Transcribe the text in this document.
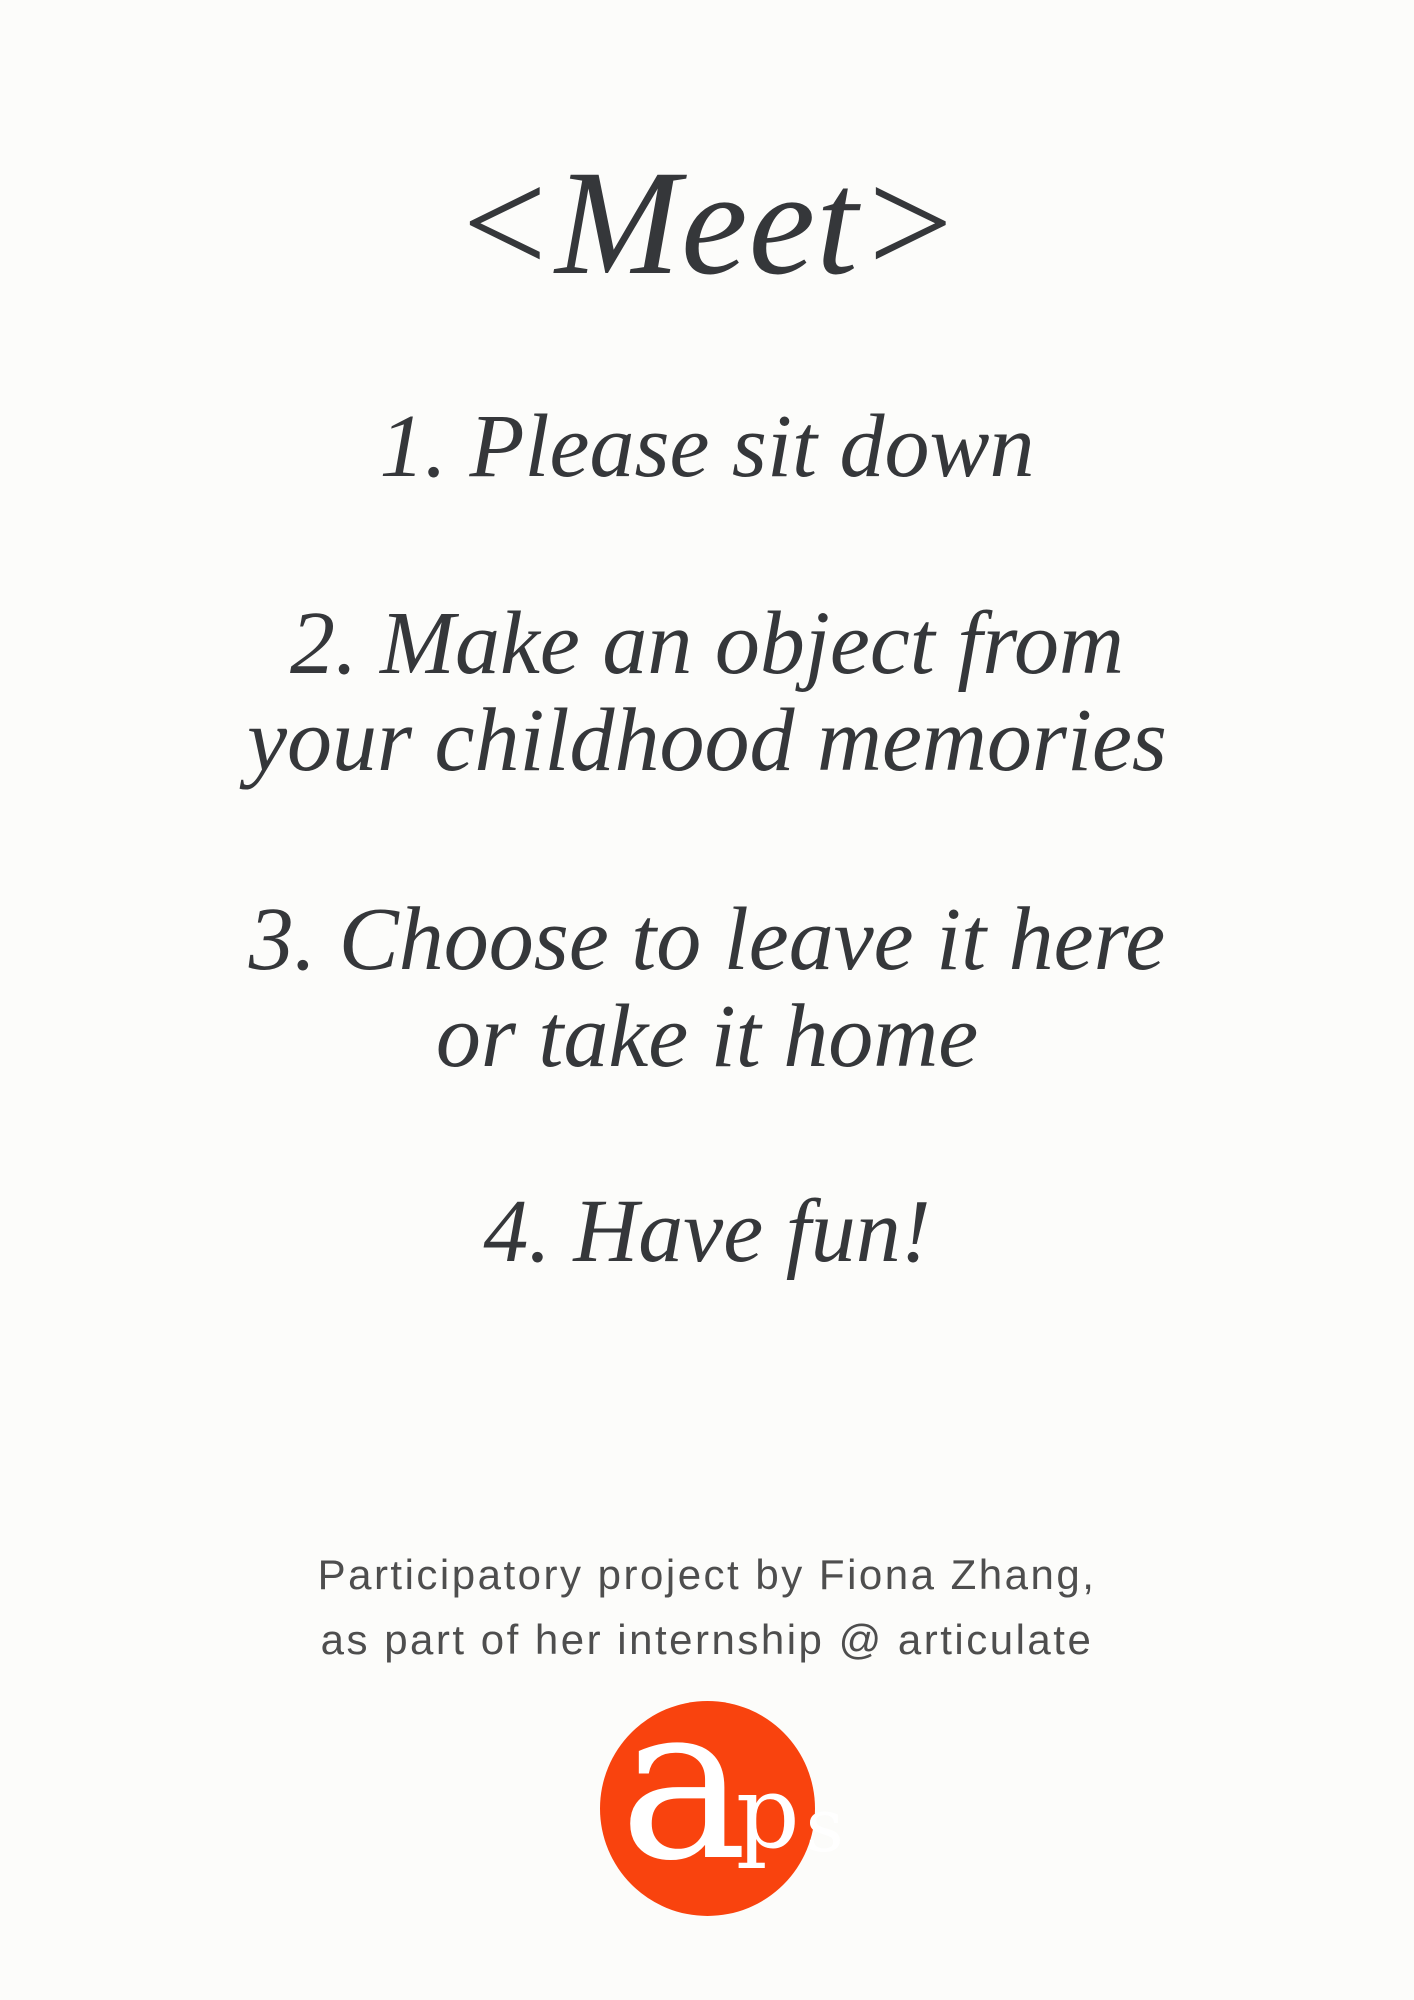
<Meet>
1. Please sit down
2. Make an object from
your childhood memories
3. Choose to leave it here
or take it home
4. Have fun!
Participatory project by Fiona Zhang,
as part of her internship @ articulate
a
p s
